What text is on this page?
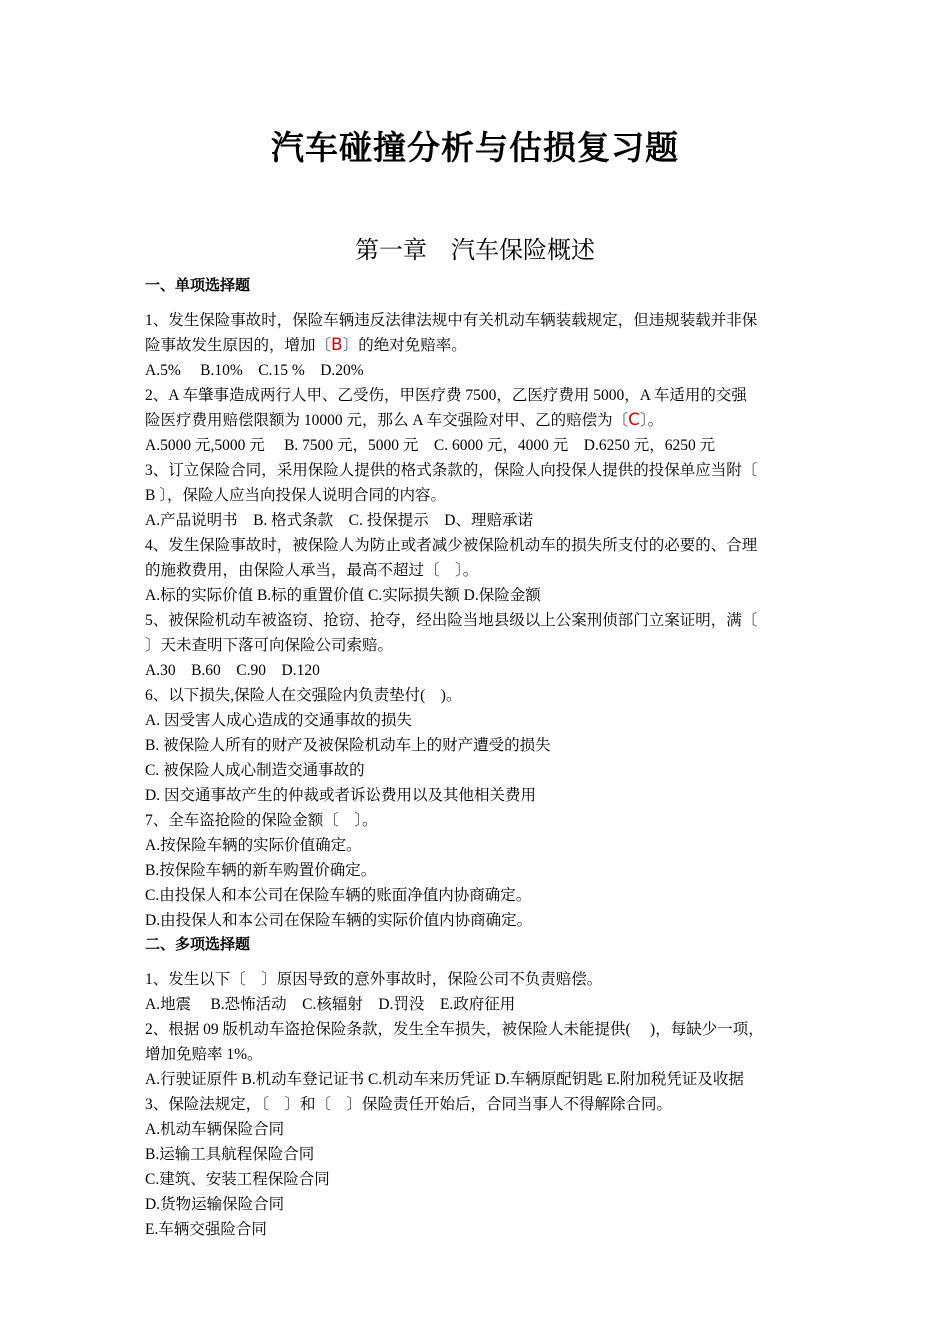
汽车碰撞分析与估损复习题
第一章　汽车保险概述
一、单项选择题
1、发生保险事故时，保险车辆违反法律法规中有关机动车辆装载规定，但违规装载并非保
险事故发生原因的，增加〔B〕的绝对免赔率。
A.5%　 B.10%　C.15 %　D.20%
2、A 车肇事造成两行人甲、乙受伤，甲医疗费 7500，乙医疗费用 5000，A 车适用的交强
险医疗费用赔偿限额为 10000 元，那么 A 车交强险对甲、乙的赔偿为〔C〕。
A.5000 元,5000 元　 B. 7500 元，5000 元　C. 6000 元，4000 元　D.6250 元，6250 元
3、订立保险合同，采用保险人提供的格式条款的，保险人向投保人提供的投保单应当附〔
B 〕，保险人应当向投保人说明合同的内容。
A.产品说明书　B. 格式条款　C. 投保提示　D、理赔承诺
4、发生保险事故时，被保险人为防止或者减少被保险机动车的损失所支付的必要的、合理
的施救费用，由保险人承当，最高不超过〔　〕。
A.标的实际价值 B.标的重置价值 C.实际损失额 D.保险金额
5、被保险机动车被盗窃、抢窃、抢夺，经出险当地县级以上公案刑侦部门立案证明，满〔
〕天未查明下落可向保险公司索赔。
A.30　B.60　C.90　D.120
6、以下损失,保险人在交强险内负责垫付(　)。
A. 因受害人成心造成的交通事故的损失
B. 被保险人所有的财产及被保险机动车上的财产遭受的损失
C. 被保险人成心制造交通事故的
D. 因交通事故产生的仲裁或者诉讼费用以及其他相关费用
7、全车盗抢险的保险金额〔　〕。
A.按保险车辆的实际价值确定。
B.按保险车辆的新车购置价确定。
C.由投保人和本公司在保险车辆的账面净值内协商确定。
D.由投保人和本公司在保险车辆的实际价值内协商确定。
二、多项选择题
1、发生以下〔　〕原因导致的意外事故时，保险公司不负责赔偿。
A.地震　 B.恐怖活动　C.核辐射　D.罚没　E.政府征用
2、根据 09 版机动车盗抢保险条款，发生全车损失，被保险人未能提供(　 )，每缺少一项，
增加免赔率 1%。
A.行驶证原件 B.机动车登记证书 C.机动车来历凭证 D.车辆原配钥匙 E.附加税凭证及收据
3、保险法规定，〔　〕和〔　〕保险责任开始后，合同当事人不得解除合同。
A.机动车辆保险合同
B.运输工具航程保险合同
C.建筑、安装工程保险合同
D.货物运输保险合同
E.车辆交强险合同
